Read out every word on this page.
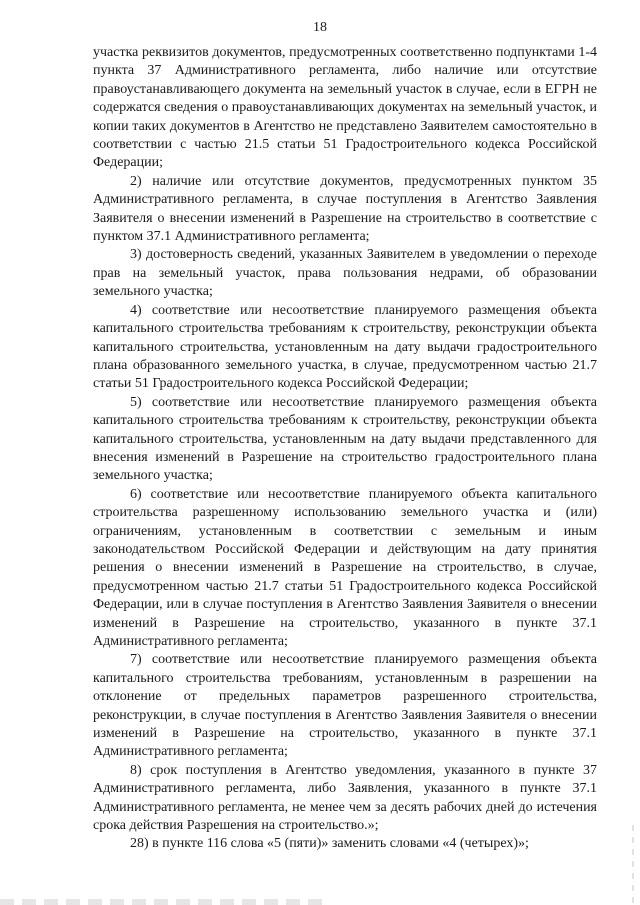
18

участка реквизитов документов, предусмотренных соответственно подпунктами 1-4 пункта 37 Административного регламента, либо наличие или отсутствие правоустанавливающего документа на земельный участок в случае, если в ЕГРН не содержатся сведения о правоустанавливающих документах на земельный участок, и копии таких документов в Агентство не представлено Заявителем самостоятельно в соответствии с частью 21.5 статьи 51 Градостроительного кодекса Российской Федерации;

2) наличие или отсутствие документов, предусмотренных пунктом 35 Административного регламента, в случае поступления в Агентство Заявления Заявителя о внесении изменений в Разрешение на строительство в соответствие с пунктом 37.1 Административного регламента;

3) достоверность сведений, указанных Заявителем в уведомлении о переходе прав на земельный участок, права пользования недрами, об образовании земельного участка;

4) соответствие или несоответствие планируемого размещения объекта капитального строительства требованиям к строительству, реконструкции объекта капитального строительства, установленным на дату выдачи градостроительного плана образованного земельного участка, в случае, предусмотренном частью 21.7 статьи 51 Градостроительного кодекса Российской Федерации;

5) соответствие или несоответствие планируемого размещения объекта капитального строительства требованиям к строительству, реконструкции объекта капитального строительства, установленным на дату выдачи представленного для внесения изменений в Разрешение на строительство градостроительного плана земельного участка;

6) соответствие или несоответствие планируемого объекта капитального строительства разрешенному использованию земельного участка и (или) ограничениям, установленным в соответствии с земельным и иным законодательством Российской Федерации и действующим на дату принятия решения о внесении изменений в Разрешение на строительство, в случае, предусмотренном частью 21.7 статьи 51 Градостроительного кодекса Российской Федерации, или в случае поступления в Агентство Заявления Заявителя о внесении изменений в Разрешение на строительство, указанного в пункте 37.1 Административного регламента;

7) соответствие или несоответствие планируемого размещения объекта капитального строительства требованиям, установленным в разрешении на отклонение от предельных параметров разрешенного строительства, реконструкции, в случае поступления в Агентство Заявления Заявителя о внесении изменений в Разрешение на строительство, указанного в пункте 37.1 Административного регламента;

8) срок поступления в Агентство уведомления, указанного в пункте 37 Административного регламента, либо Заявления, указанного в пункте 37.1 Административного регламента, не менее чем за десять рабочих дней до истечения срока действия Разрешения на строительство.»;

28) в пункте 116 слова «5 (пяти)» заменить словами «4 (четырех)»;
